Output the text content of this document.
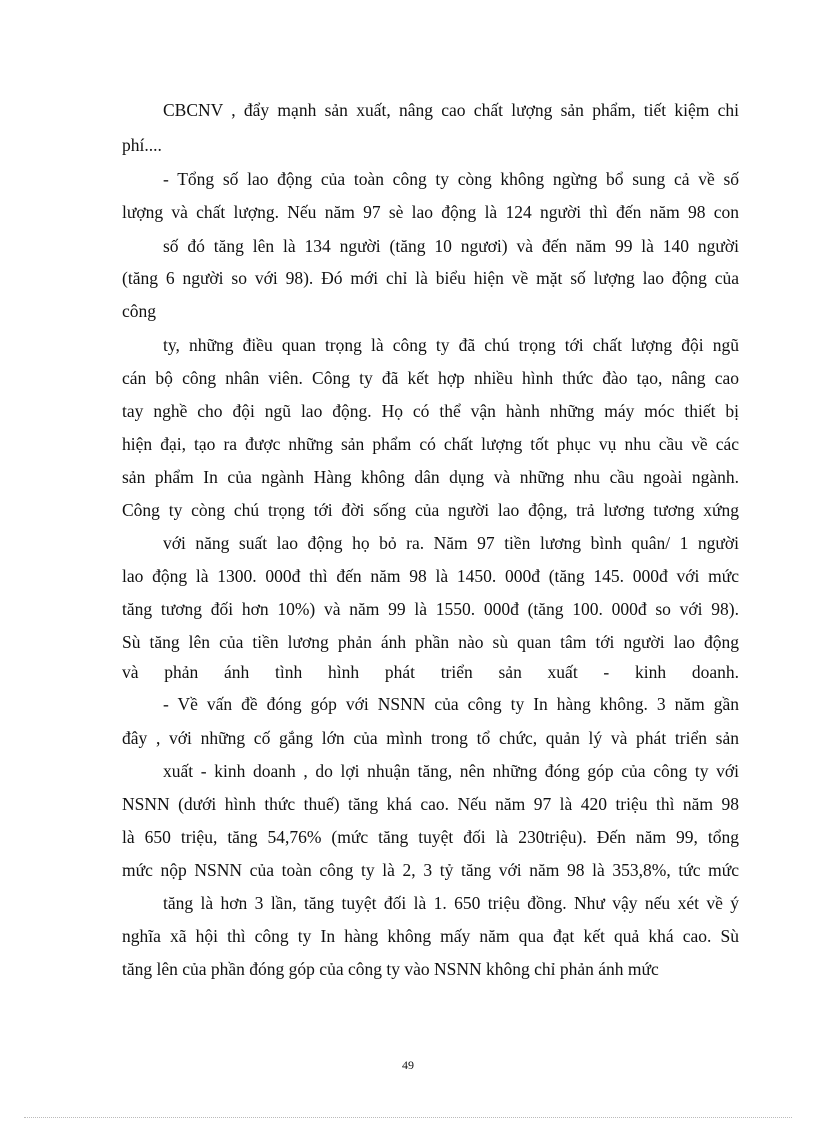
CBCNV , đẩy mạnh sản xuất, nâng cao chất lượng sản phẩm, tiết kiệm chi
phí....
- Tổng số lao động của toàn công ty còng không ngừng bổ sung cả về số
lượng và chất lượng. Nếu năm 97 sè lao động là 124 người thì đến năm 98 con
số đó tăng lên là 134 người (tăng 10 ngươi) và đến năm 99 là 140 người
(tăng 6 người so với 98). Đó mới chỉ là biểu hiện về mặt số lượng lao động của
công
ty, những điều quan trọng là công ty đã chú trọng tới chất lượng đội ngũ
cán bộ công nhân viên. Công ty đã kết hợp nhiều hình thức đào tạo, nâng cao
tay nghề cho đội ngũ lao động. Họ có thể vận hành những máy móc thiết bị
hiện đại, tạo ra được những sản phẩm có chất lượng tốt phục vụ nhu cầu về các
sản phẩm In của ngành Hàng không dân dụng và những nhu cầu ngoài ngành.
Công ty còng chú trọng tới đời sống của người lao động, trả lương tương xứng
với năng suất lao động họ bỏ ra. Năm 97 tiền lương bình quân/ 1 người
lao động là 1300. 000đ thì đến năm 98 là 1450. 000đ (tăng 145. 000đ với mức
tăng tương đối hơn 10%) và năm 99 là 1550. 000đ (tăng 100. 000đ so với 98).
Sù tăng lên của tiền lương phản ánh phần nào sù quan tâm tới người lao động
và phản ánh tình hình phát triển sản xuất - kinh doanh.
- Về vấn đề đóng góp với NSNN của công ty In hàng không. 3 năm gần
đây , với những cố gắng lớn của mình trong tổ chức, quản lý và phát triển sản
xuất - kinh doanh , do lợi nhuận tăng, nên những đóng góp của công ty với
NSNN (dưới hình thức thuế) tăng khá cao. Nếu năm 97 là 420 triệu thì năm 98
là 650 triệu, tăng 54,76% (mức tăng tuyệt đối là 230triệu). Đến năm 99, tổng
mức nộp NSNN của toàn công ty là 2, 3 tỷ tăng với năm 98 là 353,8%, tức mức
tăng là hơn 3 lần, tăng tuyệt đối là 1. 650 triệu đồng. Như vậy nếu xét về ý
nghĩa xã hội thì công ty In hàng không mấy năm qua đạt kết quả khá cao. Sù
tăng lên của phần đóng góp của công ty vào NSNN không chỉ phản ánh mức
49
